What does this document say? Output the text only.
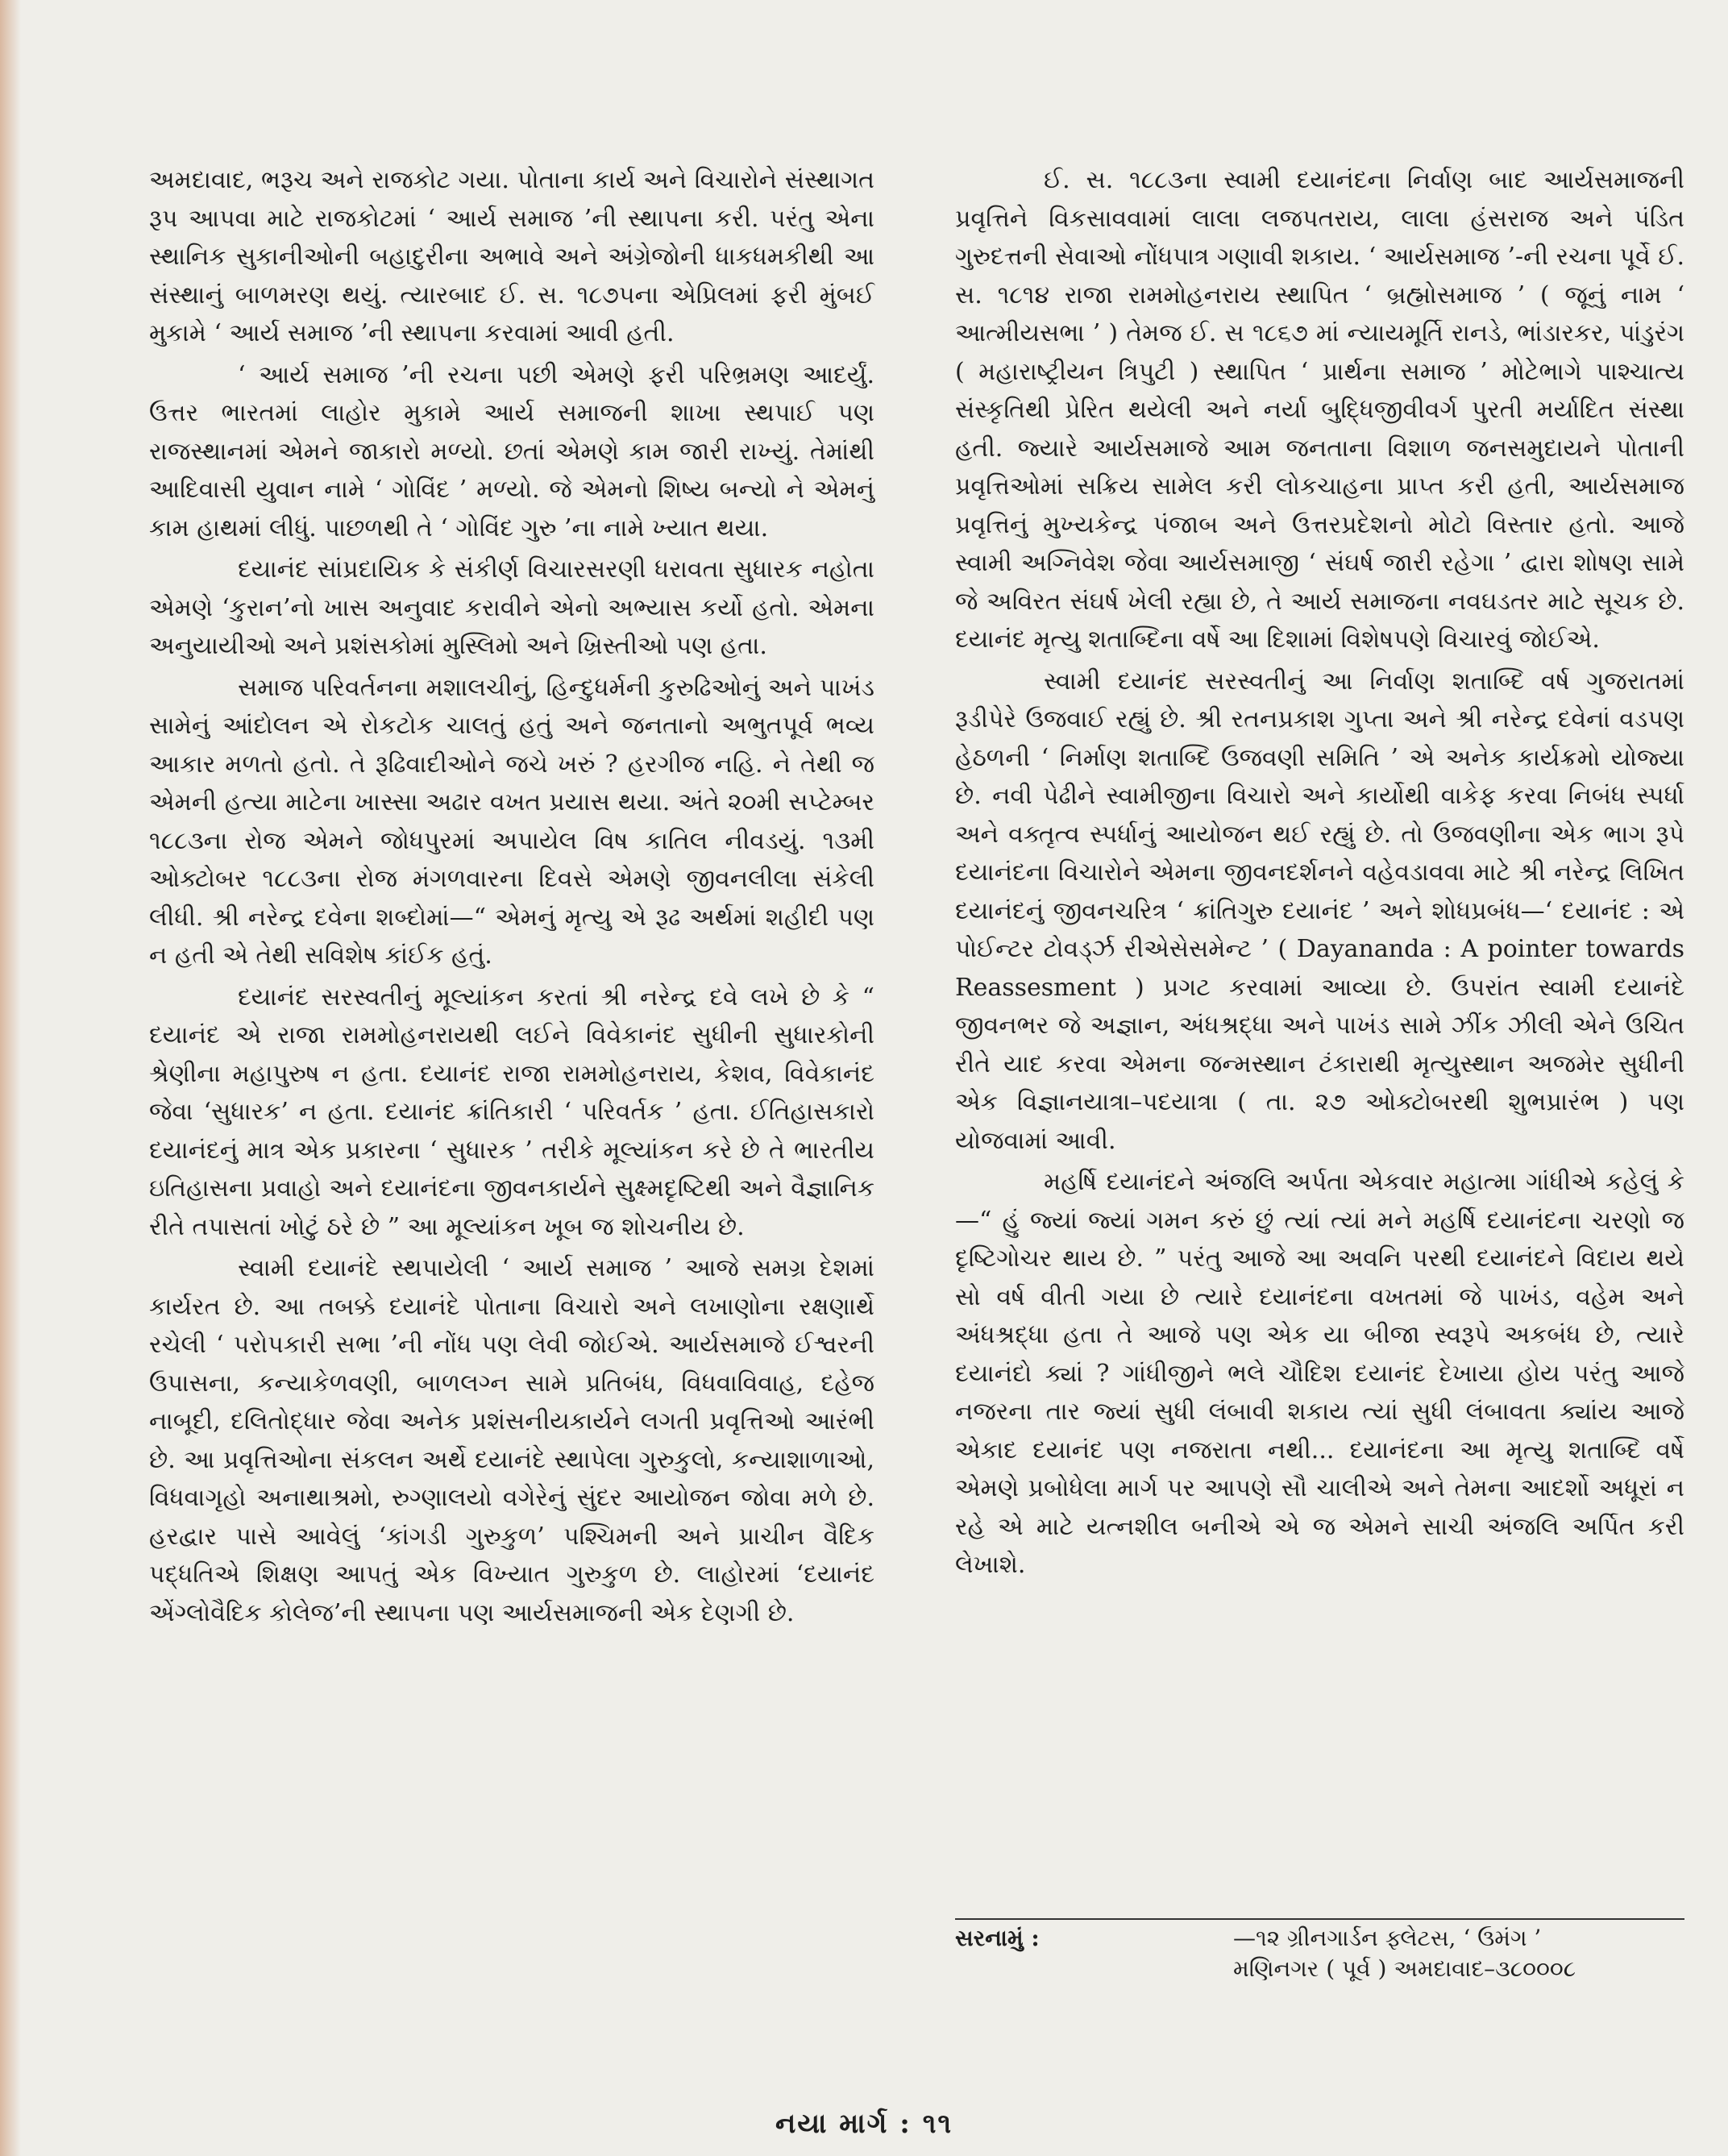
અમદાવાદ, ભરૂચ અને રાજકોટ ગયા. પોતાના કાર્ય અને વિચારોને સંસ્થાગત રૂપ આપવા માટે રાજકોટમાં ‘ આર્ય સમાજ ’ની સ્થાપના કરી. પરંતુ એના સ્થાનિક સુકાનીઓની બહાદુરીના અભાવે અને અંગ્રેજોની ધાકધમકીથી આ સંસ્થાનું બાળમરણ થયું. ત્યારબાદ ઈ. સ. ૧૮૭૫ના એપ્રિલમાં ફરી મુંબઈ મુકામે ‘ આર્ય સમાજ ’ની સ્થાપના કરવામાં આવી હતી.

‘ આર્ય સમાજ ’ની રચના પછી એમણે ફરી પરિભ્રમણ આદર્યું. ઉત્તર ભારતમાં લાહોર મુકામે આર્ય સમાજની શાખા સ્થપાઈ પણ રાજસ્થાનમાં એમને જાકારો મળ્યો. છતાં એમણે કામ જારી રાખ્યું. તેમાંથી આદિવાસી યુવાન નામે ‘ ગોવિંદ ’ મળ્યો. જે એમનો શિષ્ય બન્યો ને એમનું કામ હાથમાં લીધું. પાછળથી તે ‘ ગોવિંદ ગુરુ ’ના નામે ખ્યાત થયા.

દયાનંદ સાંપ્રદાયિક કે સંકીર્ણ વિચારસરણી ધરાવતા સુધારક નહોતા એમણે ‘કુરાન’નો ખાસ અનુવાદ કરાવીને એનો અભ્યાસ કર્યો હતો. એમના અનુયાયીઓ અને પ્રશંસકોમાં મુસ્લિમો અને ખ્રિસ્તીઓ પણ હતા.

સમાજ પરિવર્તનના મશાલચીનું, હિન્દુધર્મની કુરુઢિઓનું અને પાખંડ સામેનું આંદોલન એ રોકટોક ચાલતું હતું અને જનતાનો અભુતપૂર્વ ભવ્ય આકાર મળતો હતો. તે રૂઢિવાદીઓને જચે ખરું ? હરગીજ નહિ. ને તેથી જ એમની હત્યા માટેના ખાસ્સા અઢાર વખત પ્રયાસ થયા. અંતે ૨૦મી સપ્ટેમ્બર ૧૮૮૩ના રોજ એમને જોધપુરમાં અપાયેલ વિષ કાતિલ નીવડયું. ૧૩મી ઓક્ટોબર ૧૮૮૩ના રોજ મંગળવારના દિવસે એમણે જીવનલીલા સંકેલી લીધી. શ્રી નરેન્દ્ર દવેના શબ્દોમાં—“ એમનું મૃત્યુ એ રૂઢ અર્થમાં શહીદી પણ ન હતી એ તેથી સવિશેષ કાંઈક હતું.

દયાનંદ સરસ્વતીનું મૂલ્યાંકન કરતાં શ્રી નરેન્દ્ર દવે લખે છે કે “ દયાનંદ એ રાજા રામમોહનરાયથી લઈને વિવેકાનંદ સુધીની સુધારકોની શ્રેણીના મહાપુરુષ ન હતા. દયાનંદ રાજા રામમોહનરાય, કેશવ, વિવેકાનંદ જેવા ‘સુધારક’ ન હતા. દયાનંદ ક્રાંતિકારી ‘ પરિવર્તક ’ હતા. ઈતિહાસકારો દયાનંદનું માત્ર એક પ્રકારના ‘ સુધારક ’ તરીકે મૂલ્યાંકન કરે છે તે ભારતીય ઇતિહાસના પ્રવાહો અને દયાનંદના જીવનકાર્યને સુક્ષ્મદૃષ્ટિથી અને વૈજ્ઞાનિક રીતે તપાસતાં ખોટું ઠરે છે ” આ મૂલ્યાંકન ખૂબ જ શોચનીય છે.

સ્વામી દયાનંદે સ્થપાયેલી ‘ આર્ય સમાજ ’ આજે સમગ્ર દેશમાં કાર્યરત છે. આ તબક્કે દયાનંદે પોતાના વિચારો અને લખાણોના રક્ષણાર્થે રચેલી ‘ પરોપકારી સભા ’ની નોંધ પણ લેવી જોઈએ. આર્યસમાજે ઈશ્વરની ઉપાસના, કન્યાકેળવણી, બાળલગ્ન સામે પ્રતિબંધ, વિધવાવિવાહ, દહેજ નાબૂદી, દલિતોદ્ધાર જેવા અનેક પ્રશંસનીયકાર્યને લગતી પ્રવૃત્તિઓ આરંભી છે. આ પ્રવૃત્તિઓના સંકલન અર્થે દયાનંદે સ્થાપેલા ગુરુકુલો, કન્યાશાળાઓ, વિધવાગૃહો અનાથાશ્રમો, રુગ્ણાલયો વગેરેનું સુંદર આયોજન જોવા મળે છે. હરદ્વાર પાસે આવેલું ‘કાંગડી ગુરુકુળ’ પશ્ચિમની અને પ્રાચીન વૈદિક પદ્ધતિએ શિક્ષણ આપતું એક વિખ્યાત ગુરુકુળ છે. લાહોરમાં ‘દયાનંદ એંગ્લોવૈદિક કોલેજ’ની સ્થાપના પણ આર્યસમાજની એક દેણગી છે.

ઈ. સ. ૧૮૮૩ના સ્વામી દયાનંદના નિર્વાણ બાદ આર્યસમાજની પ્રવૃત્તિને વિકસાવવામાં લાલા લજપતરાય, લાલા હંસરાજ અને પંડિત ગુરુદત્તની સેવાઓ નોંધપાત્ર ગણાવી શકાય. ‘ આર્યસમાજ ’-ની રચના પૂર્વે ઈ. સ. ૧૮૧૪ રાજા રામમોહનરાય સ્થાપિત ‘ બ્રહ્મોસમાજ ’ ( જૂનું નામ ‘ આત્મીયસભા ’ ) તેમજ ઈ. સ ૧૮૬૭ માં ન્યાયમૂર્તિ રાનડે, ભાંડારકર, પાંડુરંગ ( મહારાષ્ટ્રીયન ત્રિપુટી ) સ્થાપિત ‘ પ્રાર્થના સમાજ ’ મોટેભાગે પાશ્ચાત્ય સંસ્કૃતિથી પ્રેરિત થયેલી અને નર્યા બુદ્ધિજીવીવર્ગ પુરતી મર્યાદિત સંસ્થા હતી. જ્યારે આર્યસમાજે આમ જનતાના વિશાળ જનસમુદાયને પોતાની પ્રવૃત્તિઓમાં સક્રિય સામેલ કરી લોકચાહના પ્રાપ્ત કરી હતી, આર્યસમાજ પ્રવૃત્તિનું મુખ્યકેન્દ્ર પંજાબ અને ઉત્તરપ્રદેશનો મોટો વિસ્તાર હતો. આજે સ્વામી અગ્નિવેશ જેવા આર્યસમાજી ‘ સંઘર્ષ જારી રહેગા ’ દ્વારા શોષણ સામે જે અવિરત સંઘર્ષ ખેલી રહ્યા છે, તે આર્ય સમાજના નવઘડતર માટે સૂચક છે. દયાનંદ મૃત્યુ શતાબ્દિના વર્ષે આ દિશામાં વિશેષપણે વિચારવું જોઈએ.

સ્વામી દયાનંદ સરસ્વતીનું આ નિર્વાણ શતાબ્દિ વર્ષ ગુજરાતમાં રૂડીપેરે ઉજવાઈ રહ્યું છે. શ્રી રતનપ્રકાશ ગુપ્તા અને શ્રી નરેન્દ્ર દવેનાં વડપણ હેઠળની ‘ નિર્માણ શતાબ્દિ ઉજવણી સમિતિ ’ એ અનેક કાર્યક્રમો યોજ્યા છે. નવી પેઢીને સ્વામીજીના વિચારો અને કાર્યોથી વાકેફ કરવા નિબંધ સ્પર્ધા અને વક્તૃત્વ સ્પર્ધાનું આયોજન થઈ રહ્યું છે. તો ઉજવણીના એક ભાગ રૂપે દયાનંદના વિચારોને એમના જીવનદર્શનને વહેવડાવવા માટે શ્રી નરેન્દ્ર લિખિત દયાનંદનું જીવનચરિત્ર ‘ ક્રાંતિગુરુ દયાનંદ ’ અને શોધપ્રબંધ—‘ દયાનંદ : એ પોઈન્ટર ટોવર્ડ્ઝ રીએસેસમેન્ટ ’ ( Dayananda : A pointer towards Reassesment ) પ્રગટ કરવામાં આવ્યા છે. ઉપરાંત સ્વામી દયાનંદે જીવનભર જે અજ્ઞાન, અંધશ્રદ્ધા અને પાખંડ સામે ઝીંક ઝીલી એને ઉચિત રીતે યાદ કરવા એમના જન્મસ્થાન ટંકારાથી મૃત્યુસ્થાન અજમેર સુધીની એક વિજ્ઞાનયાત્રા–પદયાત્રા ( તા. ૨૭ ઓક્ટોબરથી શુભપ્રારંભ ) પણ યોજવામાં આવી.

મહર્ષિ દયાનંદને અંજલિ અર્પતા એકવાર મહાત્મા ગાંધીએ કહેલું કે—“ હું જ્યાં જ્યાં ગમન કરું છું ત્યાં ત્યાં મને મહર્ષિ દયાનંદના ચરણો જ દૃષ્ટિગોચર થાય છે. ” પરંતુ આજે આ અવનિ પરથી દયાનંદને વિદાય થયે સો વર્ષ વીતી ગયા છે ત્યારે દયાનંદના વખતમાં જે પાખંડ, વહેમ અને અંધશ્રદ્ધા હતા તે આજે પણ એક યા બીજા સ્વરૂપે અકબંધ છે, ત્યારે દયાનંદો ક્યાં ? ગાંધીજીને ભલે ચૌદિશ દયાનંદ દેખાયા હોય પરંતુ આજે નજરના તાર જ્યાં સુધી લંબાવી શકાય ત્યાં સુધી લંબાવતા ક્યાંય આજે એકાદ દયાનંદ પણ નજરાતા નથી... દયાનંદના આ મૃત્યુ શતાબ્દિ વર્ષે એમણે પ્રબોધેલા માર્ગ પર આપણે સૌ ચાલીએ અને તેમના આદર્શો અધૂરાં ન રહે એ માટે યત્નશીલ બનીએ એ જ એમને સાચી અંજલિ અર્પિત કરી લેખાશે.

સરનામું :	—૧૨ ગ્રીનગાર્ડન ફ્લેટસ, ‘ ઉમંગ ’
મણિનગર ( પૂર્વ ) અમદાવાદ–૩૮૦૦૦૮
નયા માર્ગ : ૧૧
